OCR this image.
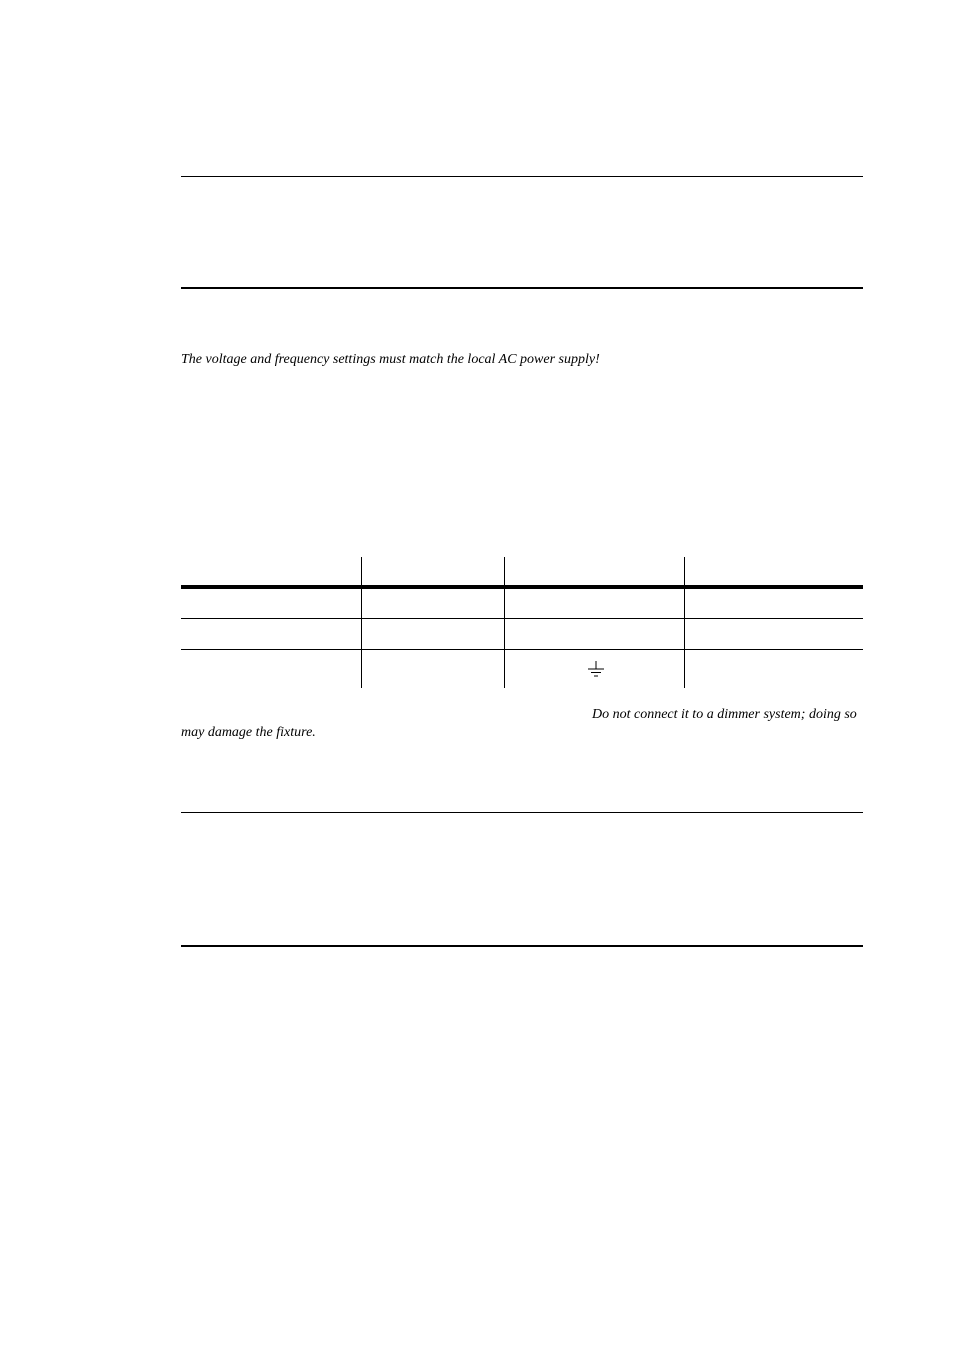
The voltage and frequency settings must match the local AC power supply!
Do not connect it to a dimmer system; doing so
may damage the fixture.
